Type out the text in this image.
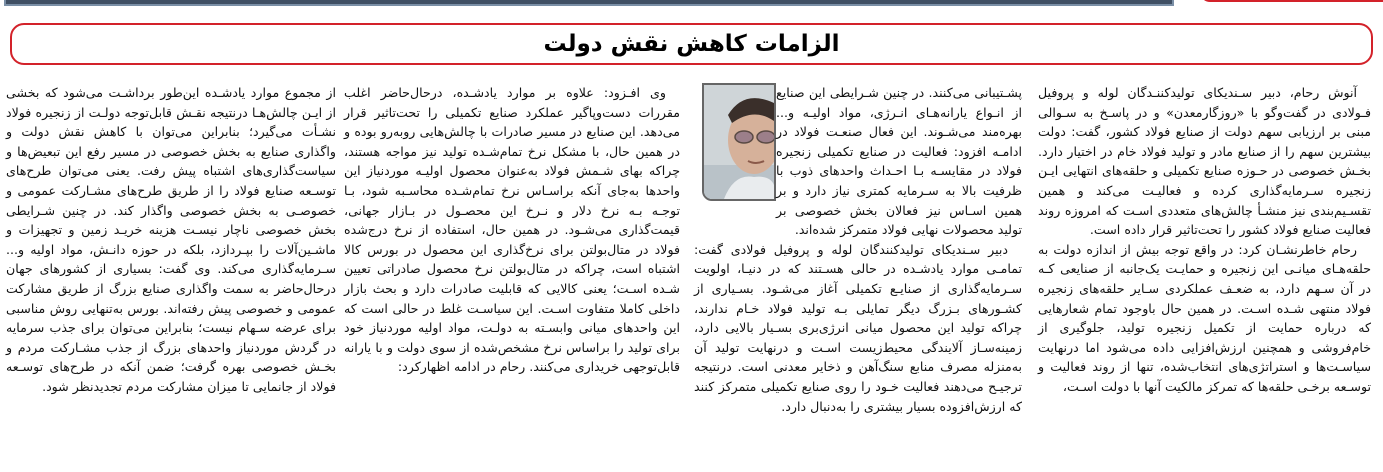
الزامات کاهش نقش دولت

آنوش رحام، دبیر سـندیکای تولیدکننـدگان لوله و پروفیل فـولادی در گفت‌وگو با «روزگارمعدن» و در پاسـخ به سـوالی مبنی بر ارزیابی سهم دولت از صنایع فولاد کشور، گفت: دولت بیشترین سهم را از صنایع مادر و تولید فولاد خام در اختیار دارد. بخـش خصوصی در حـوزه صنایع تکمیلی و حلقه‌های انتهایی ایـن زنجیره سـرمایه‌گذاری کرده و فعالیـت می‌کند و همین تقسـیم‌بندی نیز منشـأ چالش‌های متعددی اسـت که امروزه روند فعالیت صنایع فولاد کشور را تحت‌تاثیر قرار داده است.

رحام خاطرنشـان کرد: در واقع توجه بیش از اندازه دولت به حلقه‌هـای میانـی این زنجیره و حمایـت یک‌جانبه از صنایعی کـه در آن سـهم دارد، به ضعـف عملکردی سـایر حلقه‌های زنجیره فولاد منتهی شـده اسـت. در همین حال باوجود تمام شعارهایی که درباره حمایت از تکمیل زنجیره تولید، جلوگیری از خام‌فروشی و همچنین ارزش‌افزایی داده می‌شود اما درنهایت سیاسـت‌ها و استراتژی‌های انتخاب‌شده، تنها از روند فعالیت و توسـعه برخـی حلقه‌ها که تمرکز مالکیت آنها با دولت اسـت،

پشـتیبانی می‌کنند. در چنین شـرایطی این صنایع از انـواع یارانه‌هـای انـرژی، مواد اولیـه و... بهره‌مند می‌شـوند. این فعال صنعـت فولاد در ادامـه افزود: فعالیت در صنایع تکمیلی زنجیره فولاد در مقایسـه بـا احـداث واحدهای ذوب با ظرفیت بالا به سـرمایه کمتری نیاز دارد و بر همین اسـاس نیز فعالان بخش خصوصی بر تولید محصولات نهایی فولاد متمرکز شده‌اند.

دبیر سـندیکای تولیدکنندگان لوله و پروفیل فولادی گفت: تمامـی موارد یادشـده در حالی هسـتند که در دنیـا، اولویت سـرمایه‌گذاری از صنایـع تکمیلی آغاز می‌شـود. بسـیاری از کشـورهای بـزرگ دیگر تمایلی بـه تولید فولاد خـام ندارند، چراکه تولید این محصول میانی انرژی‌بری بسـیار بالایی دارد، زمینه‌سـاز آلایندگی محیط‌زیست اسـت و درنهایت تولید آن به‌منزله مصرف منابع سنگ‌آهن و ذخایر معدنی است. درنتیجه ترجیـح می‌دهند فعالیت خـود را روی صنایع تکمیلی متمرکز کنند که ارزش‌افزوده بسیار بیشتری را به‌دنبال دارد.

وی افـزود: علاوه بر موارد یادشـده، درحال‌حاضر اغلب مقررات دست‌وپاگیر عملکرد صنایع تکمیلی را تحت‌تاثیر قرار می‌دهد. این صنایع در مسیر صادرات با چالش‌هایی روبه‌رو بوده و در همین حال، با مشکل نرخ تمام‌شـده تولید نیز مواجه هستند، چراکه بهای شـمش فولاد به‌عنوان محصول اولیـه موردنیاز این واحدها به‌جای آنکه براسـاس نرخ تمام‌شـده محاسـبه شود، بـا توجـه بـه نرخ دلار و نـرخ این محصـول در بـازار جهانی، قیمت‌گذاری می‌شـود. در همین حال، استفاده از نرخ درج‌شده فولاد در متال‌بولتن برای نرخ‌گذاری این محصول در بورس کالا اشتباه است، چراکه در متال‌بولتن نرخ محصول صادراتی تعیین شـده اسـت؛ یعنی کالایی که قابلیت صادرات دارد و بحث بازار داخلی کاملا متفاوت اسـت. این سیاسـت غلط در حالی است که این واحدهای میانی وابسـته به دولـت، مواد اولیه موردنیاز خود برای تولید را براساس نرخ مشخص‌شده از سوی دولت و با یارانه قابل‌توجهی خریداری می‌کنند. رحام در ادامه اظهارکرد:

از مجموع موارد یادشـده این‌طور برداشـت می‌شود که بخشی از ایـن چالش‌هـا درنتیجه نقـش قابل‌توجه دولـت از زنجیره فولاد نشـأت می‌گیرد؛ بنابراین می‌توان با کاهش نقش دولت و واگذاری صنایع به بخش خصوصی در مسیر رفع این تبعیض‌ها و سیاست‌گذاری‌های اشتباه پیش رفت. یعنی می‌توان طرح‌های توسـعه صنایع فولاد را از طریق طرح‌های مشـارکت عمومی و خصوصـی به بخش خصوصی واگذار کند. در چنین شـرایطی بخش خصوصی ناچار نیسـت هزینه خریـد زمین و تجهیزات و ماشـین‌آلات را بپـردازد، بلکه در حوزه دانـش، مواد اولیه و... سـرمایه‌گذاری می‌کند. وی گفت: بسیاری از کشورهای جهان درحال‌حاضر به سمت واگذاری صنایع بزرگ از طریق مشارکت عمومی و خصوصی پیش رفته‌اند. بورس به‌تنهایی روش مناسبی برای عرضه سـهام نیست؛ بنابراین می‌توان برای جذب سرمایه در گردش موردنیاز واحدهای بزرگ از جذب مشـارکت مردم و بخـش خصوصی بهره گرفت؛ ضمن آنکه در طرح‌های توسـعه فولاد از جانمایی تا میزان مشارکت مردم تجدیدنظر شود.
